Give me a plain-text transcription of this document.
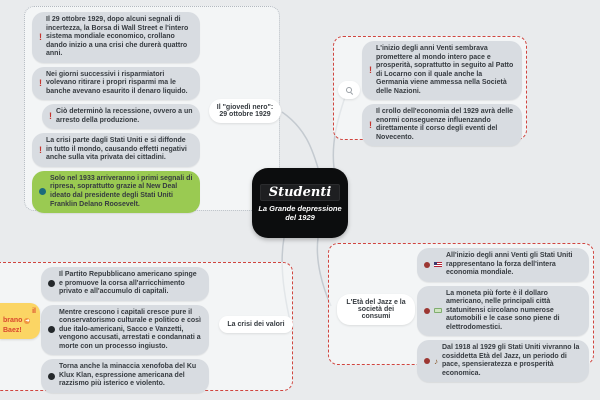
!
Il 29 ottobre 1929, dopo alcuni segnali di incertezza, la Borsa di Wall Street e l'intero sistema mondiale economico, crollano dando inizio a una crisi che durerà quattro anni.
!
Nei giorni successivi i risparmiatori volevano ritirare i propri risparmi ma le banche avevano esaurito il denaro liquido.
! Ciò determinò la recessione, ovvero a un arresto della produzione.
!
La crisi parte dagli Stati Uniti e si diffonde in tutto il mondo, causando effetti negativi anche sulla vita privata dei cittadini.
Solo nel 1933 arriveranno i primi segnali di ripresa, soprattutto grazie al New Deal ideato dal presidente degli Stati Uniti Franklin Delano Roosevelt.
Il "giovedì nero": 29 ottobre 1929
!
L'inizio degli anni Venti sembrava promettere al mondo intero pace e prosperità, soprattutto in seguito al Patto di Locarno con il quale anche la Germania viene ammessa nella Società delle Nazioni.
!
Il crollo dell'economia del 1929 avrà delle enormi conseguenze influenzando direttamente il corso degli eventi del Novecento.
Studenti
La Grande depressione del 1929
Il Partito Repubblicano americano spinge e promuove la corsa all'arricchimento privato e all'accumulo di capitali.
Mentre crescono i capitali cresce pure il conservatorismo culturale e politico e così due italo-americani, Sacco e Vanzetti, vengono accusati, arrestati e condannati a morte con un processo ingiusto.
Torna anche la minaccia xenofoba del Ku Klux Klan, espressione americana del razzismo più isterico e violento.
La crisi dei valori
il
brano ➜
Baez!
L'Età del Jazz e la società dei consumi
All'inizio degli anni Venti gli Stati Uniti rappresentano la forza dell'intera economia mondiale.
La moneta più forte è il dollaro americano, nelle principali città statunitensi circolano numerose automobili e le case sono piene di elettrodomestici.
♪
Dal 1918 al 1929 gli Stati Uniti vivranno la cosiddetta Età del Jazz, un periodo di pace, spensieratezza e prosperità economica.
